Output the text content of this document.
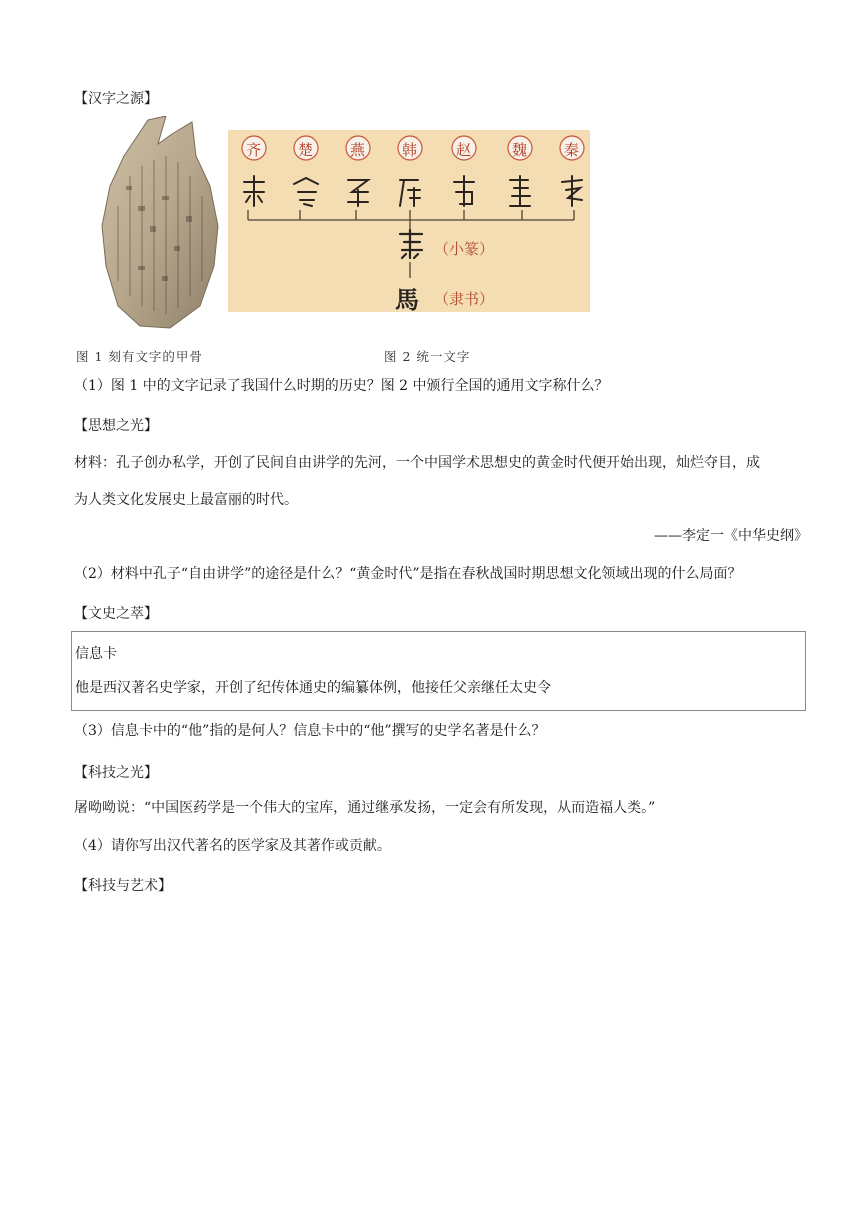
【汉字之源】
馬
（小篆）
（隶书）
齐 楚 燕 韩	赵	魏 秦
图 1 刻有文字的甲骨	图 2 统一文字
（1）图 1 中的文字记录了我国什么时期的历史？图 2 中颁行全国的通用文字称什么？
【思想之光】
材料：孔子创办私学，开创了民间自由讲学的先河，一个中国学术思想史的黄金时代便开始出现，灿烂夺目，成
为人类文化发展史上最富丽的时代。
——李定一《中华史纲》
（2）材料中孔子“自由讲学”的途径是什么？“黄金时代”是指在春秋战国时期思想文化领域出现的什么局面？
【文史之萃】
信息卡
他是西汉著名史学家，开创了纪传体通史的编纂体例，他接任父亲继任太史令
（3）信息卡中的“他”指的是何人？信息卡中的“他”撰写的史学名著是什么？
【科技之光】
屠呦呦说：“中国医药学是一个伟大的宝库，通过继承发扬，一定会有所发现，从而造福人类。”
（4）请你写出汉代著名的医学家及其著作或贡献。
【科技与艺术】
